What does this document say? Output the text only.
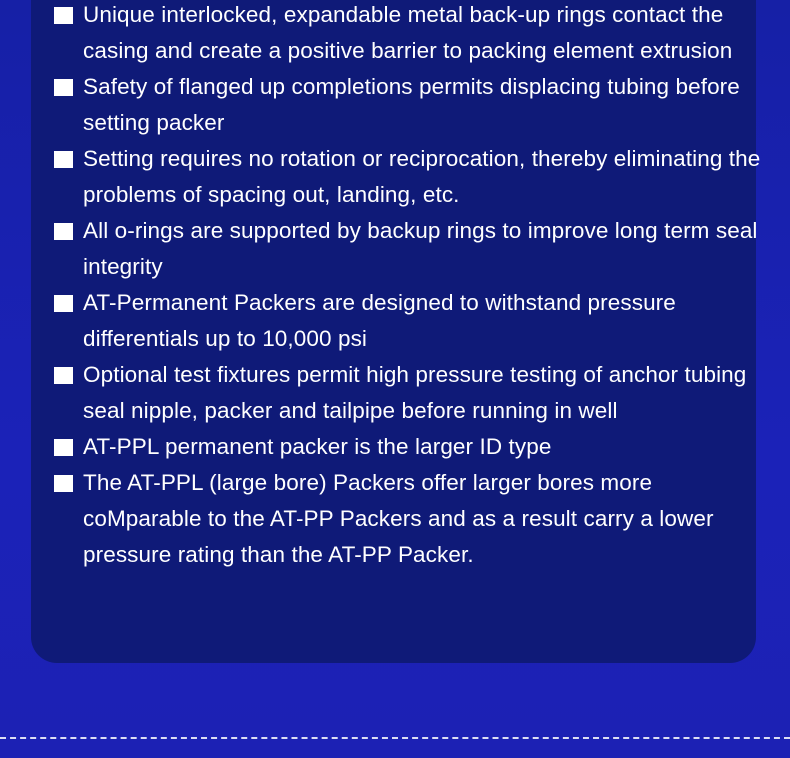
Unique interlocked, expandable metal back-up rings contact the casing and create a positive barrier to packing element extrusion
Safety of flanged up completions permits displacing tubing before setting packer
Setting requires no rotation or reciprocation, thereby eliminating the problems of spacing out, landing, etc.
All o-rings are supported by backup rings to improve long term seal integrity
AT-Permanent Packers are designed to withstand pressure differentials up to 10,000 psi
Optional test fixtures permit high pressure testing of anchor tubing seal nipple, packer and tailpipe before running in well
AT-PPL permanent packer is the larger ID type
The AT-PPL (large bore) Packers offer larger bores more coMparable to the AT-PP Packers and as a result carry a lower pressure rating than the AT-PP Packer.
